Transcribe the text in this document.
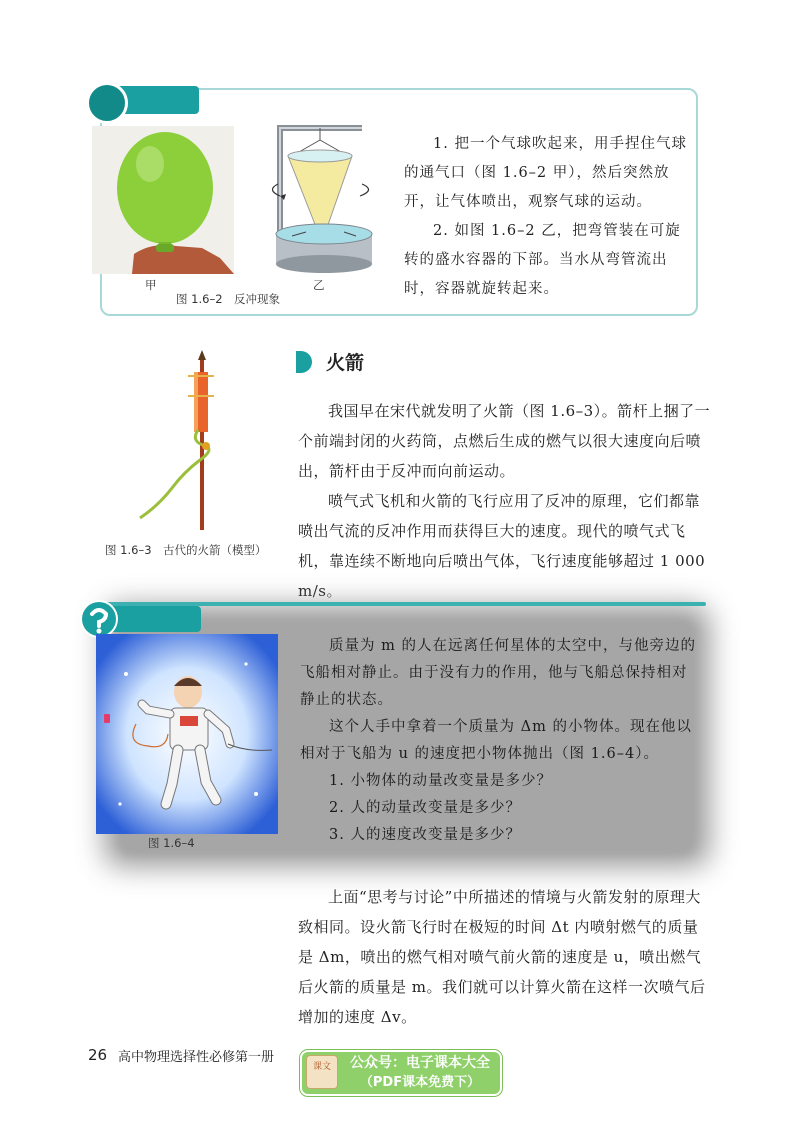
甲	乙
图 1.6–2　反冲现象

1. 把一个气球吹起来，用手捏住气球的通气口（图 1.6–2 甲），然后突然放开，让气体喷出，观察气球的运动。

2. 如图 1.6–2 乙，把弯管装在可旋转的盛水容器的下部。当水从弯管流出时，容器就旋转起来。

图 1.6–3　古代的火箭（模型）
火箭

我国早在宋代就发明了火箭（图 1.6–3）。箭杆上捆了一个前端封闭的火药筒，点燃后生成的燃气以很大速度向后喷出，箭杆由于反冲而向前运动。

喷气式飞机和火箭的飞行应用了反冲的原理，它们都靠喷出气流的反冲作用而获得巨大的速度。现代的喷气式飞机，靠连续不断地向后喷出气体，飞行速度能够超过 1 000 m/s。

图 1.6–4

质量为 m 的人在远离任何星体的太空中，与他旁边的飞船相对静止。由于没有力的作用，他与飞船总保持相对静止的状态。

这个人手中拿着一个质量为 Δm 的小物体。现在他以相对于飞船为 u 的速度把小物体抛出（图 1.6–4）。

1. 小物体的动量改变量是多少？

2. 人的动量改变量是多少？

3. 人的速度改变量是多少？

上面“思考与讨论”中所描述的情境与火箭发射的原理大致相同。设火箭飞行时在极短的时间 Δt 内喷射燃气的质量是 Δm，喷出的燃气相对喷气前火箭的速度是 u，喷出燃气后火箭的质量是 m。我们就可以计算火箭在这样一次喷气后增加的速度 Δv。

26 高中物理选择性必修第一册
课文	公众号：电子课本大全
（PDF课本免费下）
